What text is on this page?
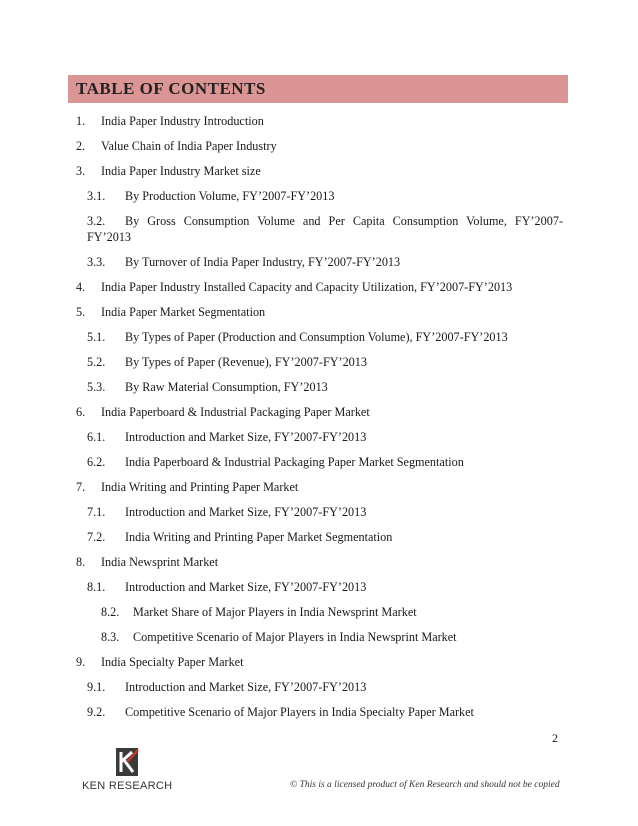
TABLE OF CONTENTS
1. India Paper Industry Introduction
2. Value Chain of India Paper Industry
3. India Paper Industry Market size
3.1. By Production Volume, FY’2007-FY’2013
3.2.	By Gross Consumption Volume and Per Capita Consumption Volume, FY’2007-
FY’2013
3.3. By Turnover of India Paper Industry, FY’2007-FY’2013
4. India Paper Industry Installed Capacity and Capacity Utilization, FY’2007-FY’2013
5. India Paper Market Segmentation
5.1. By Types of Paper (Production and Consumption Volume), FY’2007-FY’2013
5.2. By Types of Paper (Revenue), FY’2007-FY’2013
5.3. By Raw Material Consumption, FY’2013
6. India Paperboard & Industrial Packaging Paper Market
6.1. Introduction and Market Size, FY’2007-FY’2013
6.2. India Paperboard & Industrial Packaging Paper Market Segmentation
7. India Writing and Printing Paper Market
7.1. Introduction and Market Size, FY’2007-FY’2013
7.2. India Writing and Printing Paper Market Segmentation
8. India Newsprint Market
8.1. Introduction and Market Size, FY’2007-FY’2013
8.2. Market Share of Major Players in India Newsprint Market
8.3. Competitive Scenario of Major Players in India Newsprint Market
9. India Specialty Paper Market
9.1. Introduction and Market Size, FY’2007-FY’2013
9.2. Competitive Scenario of Major Players in India Specialty Paper Market
2
KEN RESEARCH	© This is a licensed product of Ken Research and should not be copied
